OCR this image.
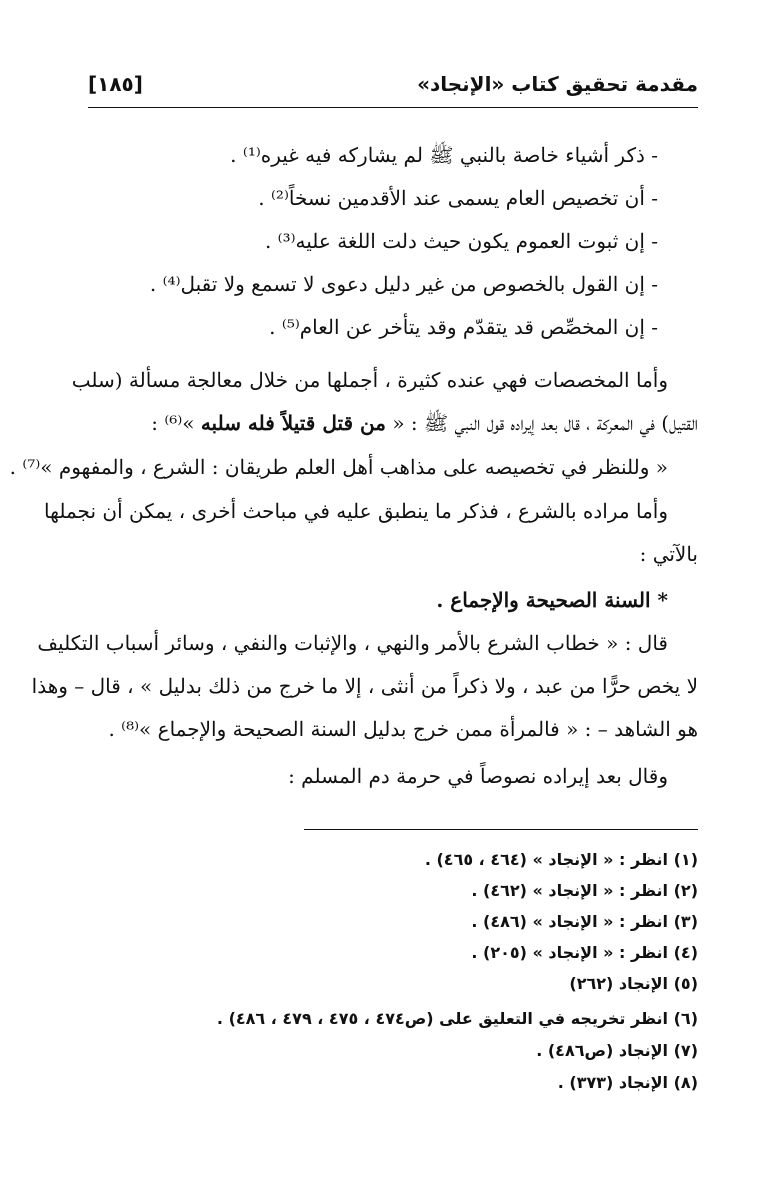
مقدمة تحقيق كتاب «الإنجاد»
[١٨٥]
- ذكر أشياء خاصة بالنبي ﷺ لم يشاركه فيه غيره⁽¹⁾ .
- أن تخصيص العام يسمى عند الأقدمين نسخاً⁽²⁾ .
- إن ثبوت العموم يكون حيث دلت اللغة عليه⁽³⁾ .
- إن القول بالخصوص من غير دليل دعوى لا تسمع ولا تقبل⁽⁴⁾ .
- إن المخصِّص قد يتقدّم وقد يتأخر عن العام⁽⁵⁾ .
وأما المخصصات فهي عنده كثيرة ، أجملها من خلال معالجة مسألة (سلب
القتيل) في المعركة ، قال بعد إيراده قول النبي ﷺ : « من قتل قتيلاً فله سلبه »⁽⁶⁾ :
« وللنظر في تخصيصه على مذاهب أهل العلم طريقان : الشرع ، والمفهوم »⁽⁷⁾ .
وأما مراده بالشرع ، فذكر ما ينطبق عليه في مباحث أخرى ، يمكن أن نجملها
بالآتي :
* السنة الصحيحة والإجماع .
قال : « خطاب الشرع بالأمر والنهي ، والإثبات والنفي ، وسائر أسباب التكليف
لا يخص حرًّا من عبد ، ولا ذكراً من أنثى ، إلا ما خرج من ذلك بدليل » ، قال – وهذا
هو الشاهد – : « فالمرأة ممن خرج بدليل السنة الصحيحة والإجماع »⁽⁸⁾ .
وقال بعد إيراده نصوصاً في حرمة دم المسلم :
(١) انظر : « الإنجاد » (٤٦٤ ، ٤٦٥) .
(٢) انظر : « الإنجاد » (٤٦٢) .
(٣) انظر : « الإنجاد » (٤٨٦) .
(٤) انظر : « الإنجاد » (٢٠٥) .
(٥) الإنجاد (٢٦٢)
(٦) انظر تخريجه في التعليق على (ص٤٧٤ ، ٤٧٥ ، ٤٧٩ ، ٤٨٦) .
(٧) الإنجاد (ص٤٨٦) .
(٨) الإنجاد (٣٧٣) .
